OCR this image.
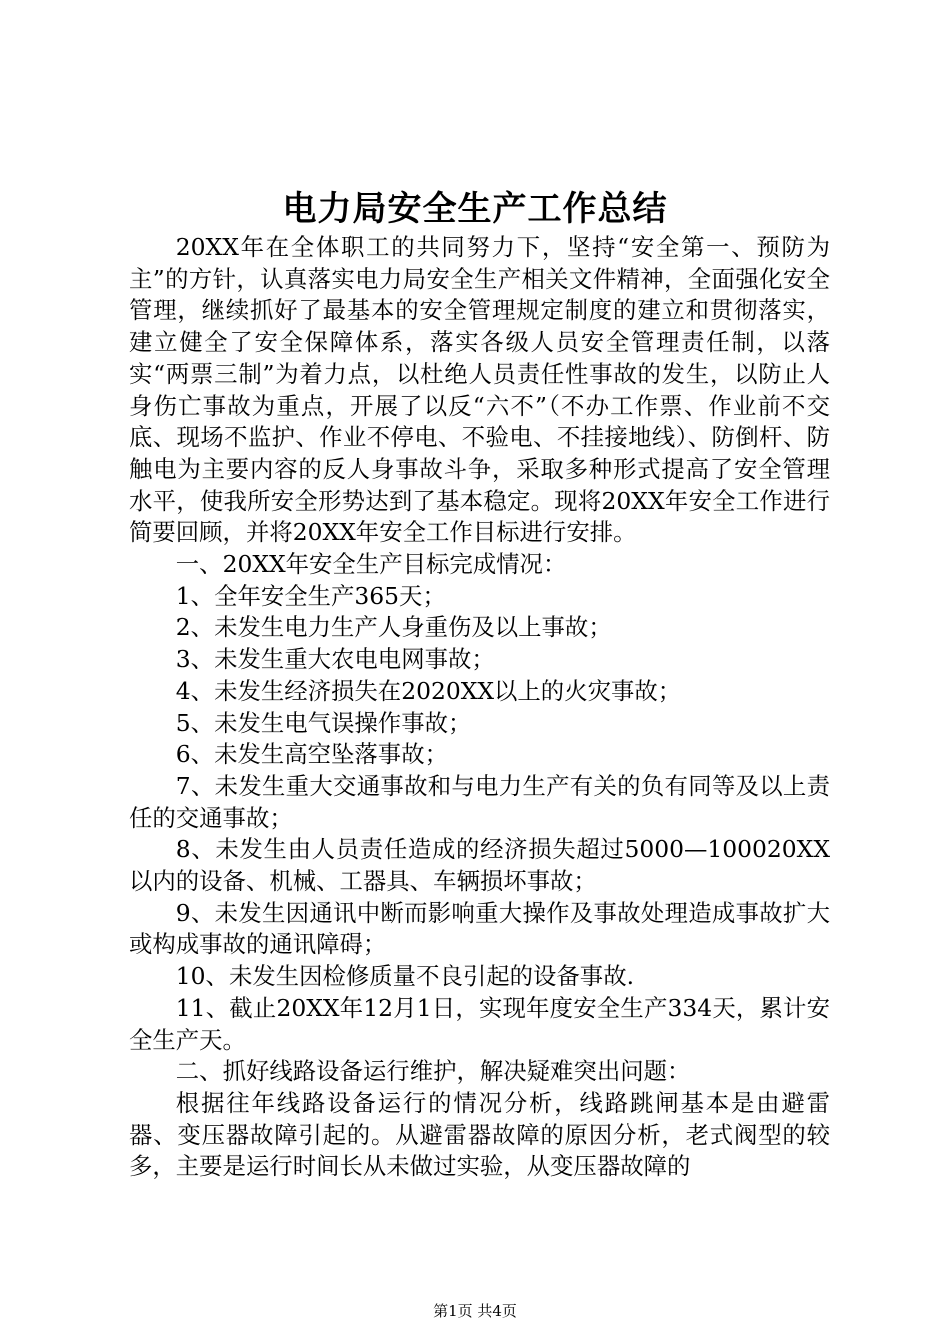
电力局安全生产工作总结

20XX年在全体职工的共同努力下，坚持“安全第一、预防为主”的方针，认真落实电力局安全生产相关文件精神，全面强化安全管理，继续抓好了最基本的安全管理规定制度的建立和贯彻落实，建立健全了安全保障体系，落实各级人员安全管理责任制，以落实“两票三制”为着力点，以杜绝人员责任性事故的发生，以防止人身伤亡事故为重点，开展了以反“六不”（不办工作票、作业前不交底、现场不监护、作业不停电、不验电、不挂接地线）、防倒杆、防触电为主要内容的反人身事故斗争，采取多种形式提高了安全管理水平，使我所安全形势达到了基本稳定。现将20XX年安全工作进行简要回顾，并将20XX年安全工作目标进行安排。

一、20XX年安全生产目标完成情况：

1、全年安全生产365天；

2、未发生电力生产人身重伤及以上事故；

3、未发生重大农电电网事故；

4、未发生经济损失在2020XX以上的火灾事故；

5、未发生电气误操作事故；

6、未发生高空坠落事故；

7、未发生重大交通事故和与电力生产有关的负有同等及以上责任的交通事故；

8、未发生由人员责任造成的经济损失超过5000—100020XX以内的设备、机械、工器具、车辆损坏事故；

9、未发生因通讯中断而影响重大操作及事故处理造成事故扩大或构成事故的通讯障碍；

10、未发生因检修质量不良引起的设备事故.

11、截止20XX年12月1日，实现年度安全生产334天，累计安全生产天。

二、抓好线路设备运行维护，解决疑难突出问题：

根据往年线路设备运行的情况分析，线路跳闸基本是由避雷器、变压器故障引起的。从避雷器故障的原因分析，老式阀型的较多，主要是运行时间长从未做过实验，从变压器故障的

第1页 共4页
